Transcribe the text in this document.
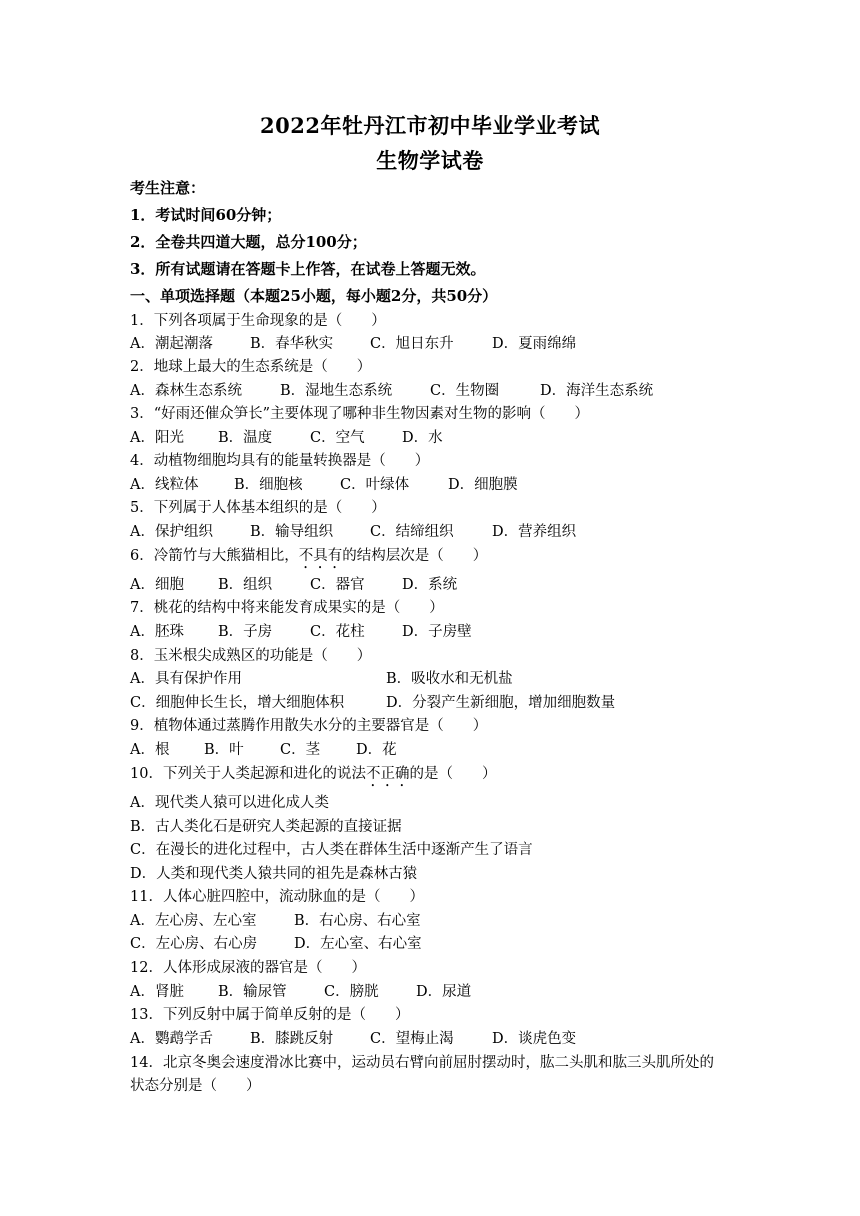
2022年牡丹江市初中毕业学业考试
生物学试卷
考生注意：
1．考试时间60分钟；
2．全卷共四道大题，总分100分；
3．所有试题请在答题卡上作答，在试卷上答题无效。
一、单项选择题（本题25小题，每小题2分，共50分）
1．下列各项属于生命现象的是（　　）
A．潮起潮落	B．春华秋实	C．旭日东升	D．夏雨绵绵
2．地球上最大的生态系统是（　　）
A．森林生态系统	B．湿地生态系统	C．生物圈	D．海洋生态系统
3．“好雨还催众笋长”主要体现了哪种非生物因素对生物的影响（　　）
A．阳光 B．温度	C．空气	D．水
4．动植物细胞均具有的能量转换器是（　　）
A．线粒体 B．细胞核	C．叶绿体	D．细胞膜
5．下列属于人体基本组织的是（　　）
A．保护组织	B．输导组织	C．结缔组织	D．营养组织
6．冷箭竹与大熊猫相比，不具有的结构层次是（　　）
A．细胞 B．组织	C．器官	D．系统
7．桃花的结构中将来能发育成果实的是（　　）
A．胚珠 B．子房	C．花柱	D．子房壁
8．玉米根尖成熟区的功能是（　　）
A．具有保护作用	B．吸收水和无机盐
C．细胞伸长生长，增大细胞体积	D．分裂产生新细胞，增加细胞数量
9．植物体通过蒸腾作用散失水分的主要器官是（　　）
A．根 B．叶	C．茎 D．花
10．下列关于人类起源和进化的说法不正确的是（　　）
A．现代类人猿可以进化成人类
B．古人类化石是研究人类起源的直接证据
C．在漫长的进化过程中，古人类在群体生活中逐渐产生了语言
D．人类和现代类人猿共同的祖先是森林古猿
11．人体心脏四腔中，流动脉血的是（　　）
A．左心房、左心室	B．右心房、右心室
C．左心房、右心房	D．左心室、右心室
12．人体形成尿液的器官是（　　）
A．肾脏 B．输尿管	C．膀胱	D．尿道
13．下列反射中属于简单反射的是（　　）
A．鹦鹉学舌	B．膝跳反射	C．望梅止渴	D．谈虎色变
14．北京冬奥会速度滑冰比赛中，运动员右臂向前屈肘摆动时，肱二头肌和肱三头肌所处的
状态分别是（　　）
